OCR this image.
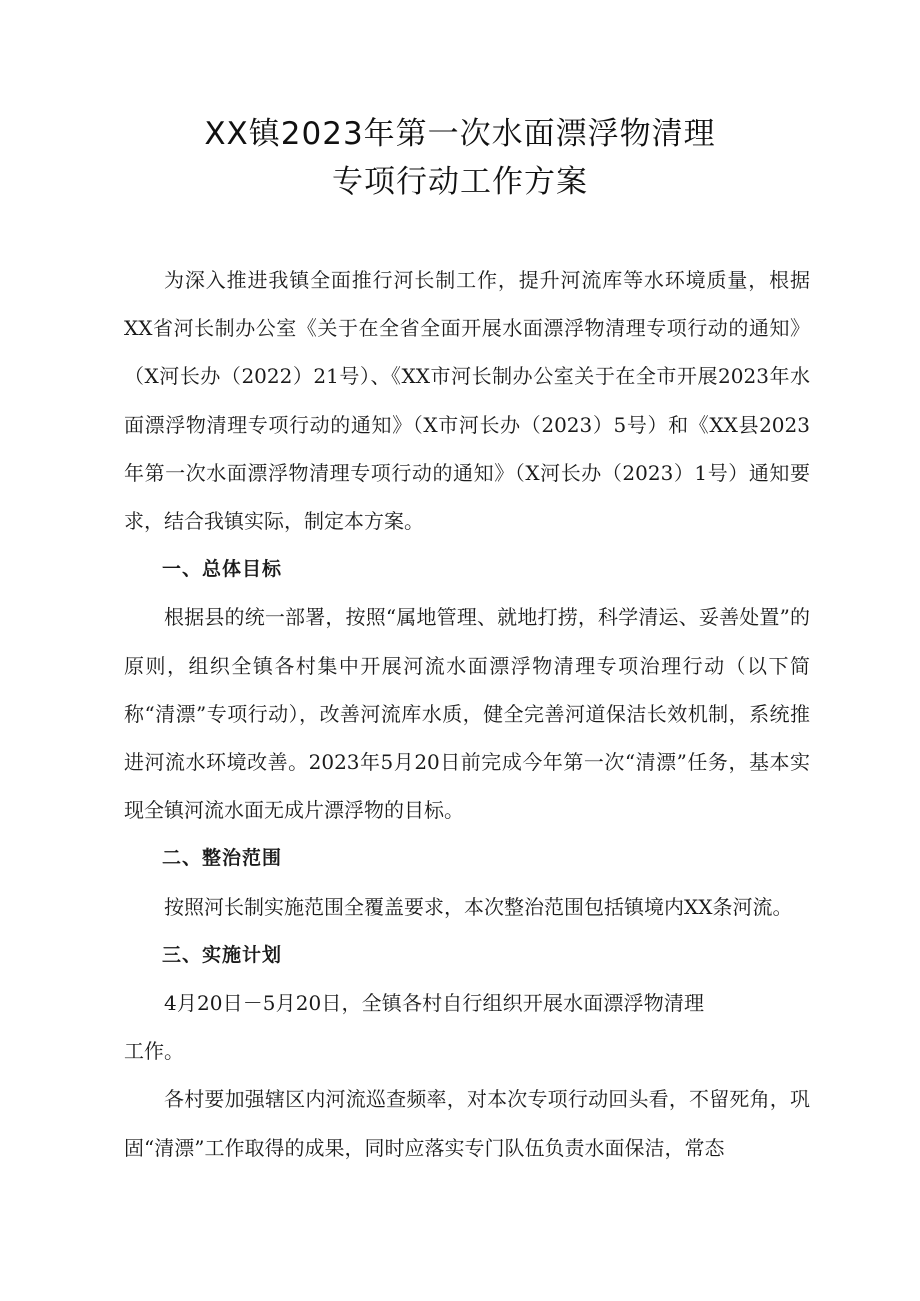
XX镇2023年第一次水面漂浮物清理
专项行动工作方案

为深入推进我镇全面推行河长制工作，提升河流库等水环境质量，根据XX省河长制办公室《关于在全省全面开展水面漂浮物清理专项行动的通知》（X河长办（2022）21号）、《XX市河长制办公室关于在全市开展2023年水面漂浮物清理专项行动的通知》（X市河长办（2023）5号）和《XX县2023年第一次水面漂浮物清理专项行动的通知》（X河长办（2023）1号）通知要求，结合我镇实际，制定本方案。

一、总体目标

根据县的统一部署，按照“属地管理、就地打捞，科学清运、妥善处置”的原则，组织全镇各村集中开展河流水面漂浮物清理专项治理行动（以下简称“清漂”专项行动），改善河流库水质，健全完善河道保洁长效机制，系统推进河流水环境改善。2023年5月20日前完成今年第一次“清漂”任务，基本实现全镇河流水面无成片漂浮物的目标。

二、整治范围

按照河长制实施范围全覆盖要求，本次整治范围包括镇境内XX条河流。

三、实施计划

4月20日－5月20日，全镇各村自行组织开展水面漂浮物清理工作。

各村要加强辖区内河流巡查频率，对本次专项行动回头看，不留死角，巩固“清漂”工作取得的成果，同时应落实专门队伍负责水面保洁，常态
